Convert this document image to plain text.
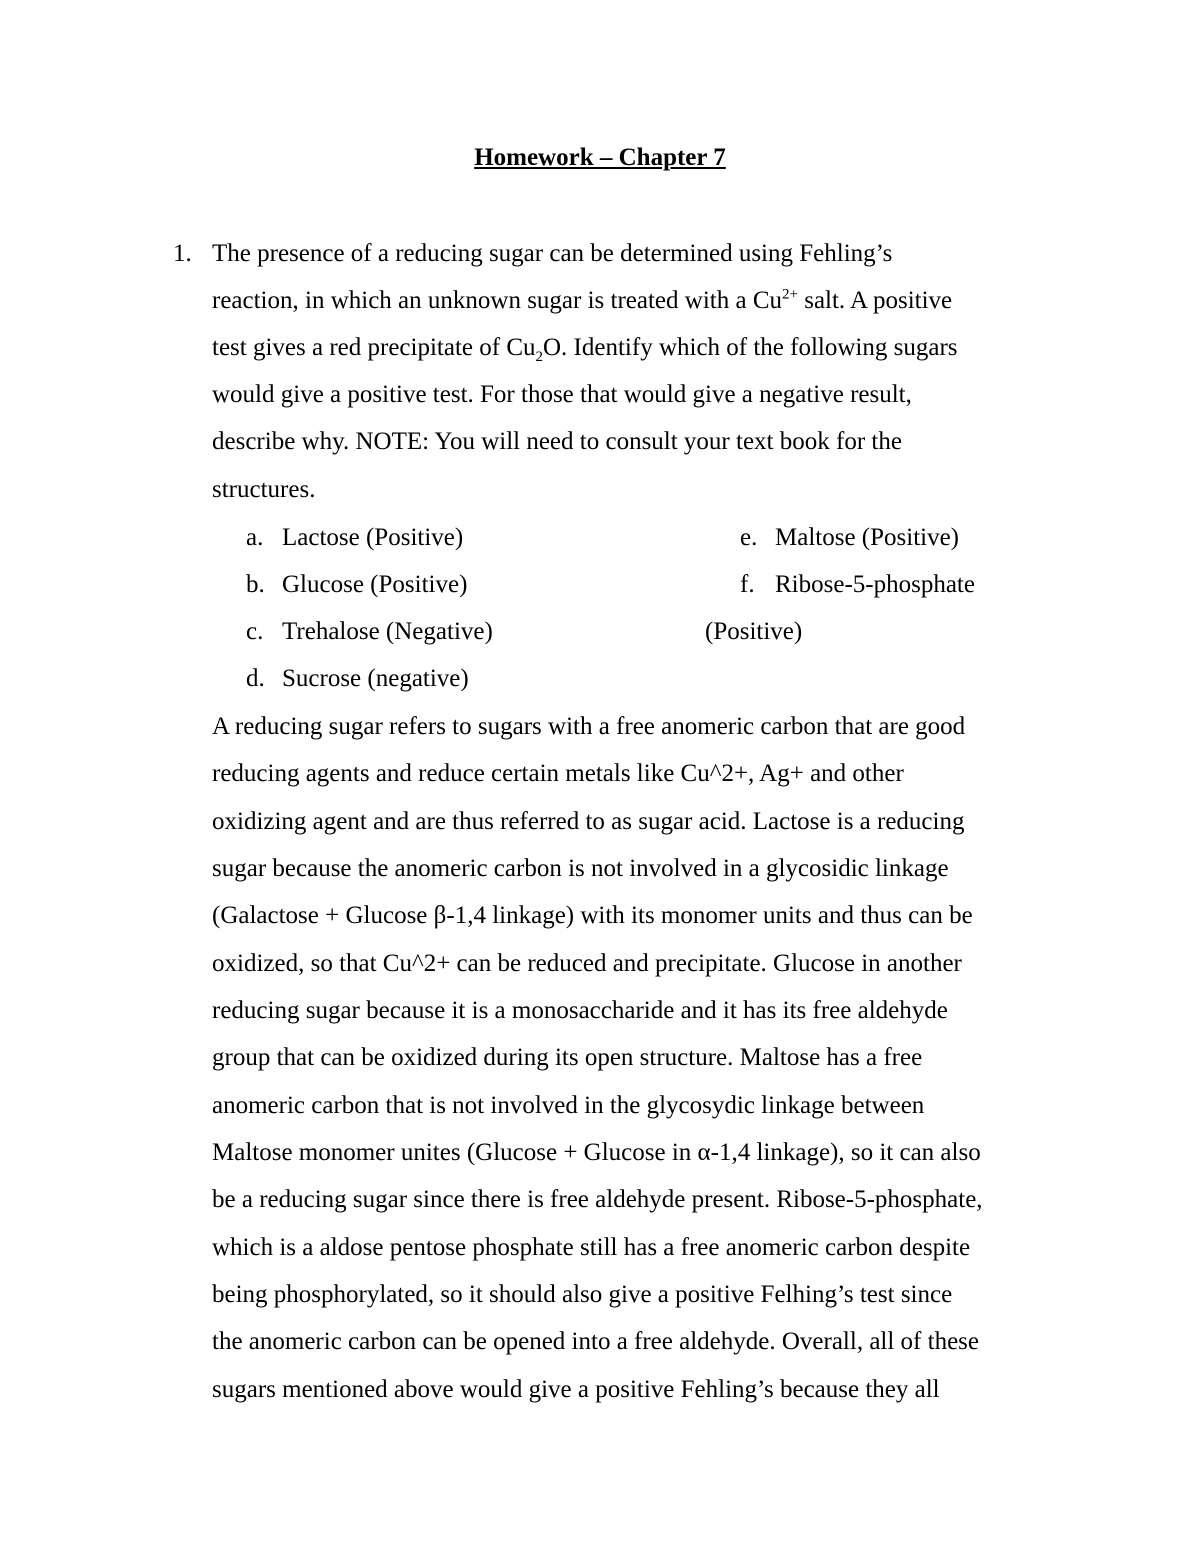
Homework – Chapter 7
1. The presence of a reducing sugar can be determined using Fehling’s
reaction, in which an unknown sugar is treated with a $Cu^{2+}$ salt. A positive
test gives a red precipitate of $Cu_2O$. Identify which of the following sugars
would give a positive test. For those that would give a negative result,
describe why. NOTE: You will need to consult your text book for the
structures.
a. Lactose (Positive)
b. Glucose (Positive)
c. Trehalose (Negative)
d. Sucrose (negative)
e. Maltose (Positive)
f. Ribose-5-phosphate
(Positive)
A reducing sugar refers to sugars with a free anomeric carbon that are good
reducing agents and reduce certain metals like Cu^2+, Ag+ and other
oxidizing agent and are thus referred to as sugar acid. Lactose is a reducing
sugar because the anomeric carbon is not involved in a glycosidic linkage
(Galactose + Glucose β-1,4 linkage) with its monomer units and thus can be
oxidized, so that Cu^2+ can be reduced and precipitate. Glucose in another
reducing sugar because it is a monosaccharide and it has its free aldehyde
group that can be oxidized during its open structure. Maltose has a free
anomeric carbon that is not involved in the glycosydic linkage between
Maltose monomer unites (Glucose + Glucose in α-1,4 linkage), so it can also
be a reducing sugar since there is free aldehyde present. Ribose-5-phosphate,
which is a aldose pentose phosphate still has a free anomeric carbon despite
being phosphorylated, so it should also give a positive Felhing’s test since
the anomeric carbon can be opened into a free aldehyde. Overall, all of these
sugars mentioned above would give a positive Fehling’s because they all
